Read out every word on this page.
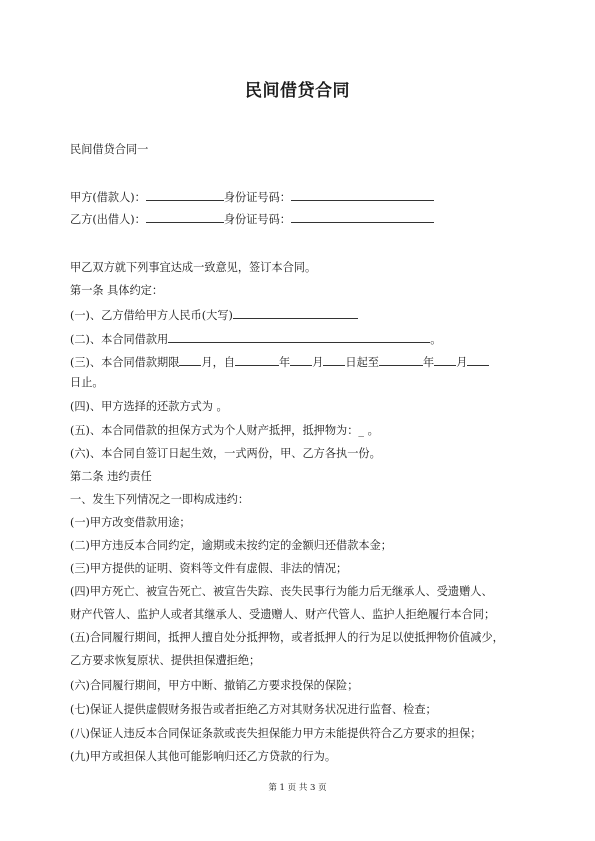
民间借贷合同
民间借贷合同一
甲方(借款人)：	身份证号码：
乙方(出借人)：	身份证号码：
甲乙双方就下列事宜达成一致意见，签订本合同。
第一条 具体约定：
(一)、乙方借给甲方人民币(大写)
(二)、本合同借款用	。
(三)、本合同借款期限 月，自	年 月 日起至	年 月
日止。
(四)、甲方选择的还款方式为 。
(五)、本合同借款的担保方式为个人财产抵押，抵押物为：_ 。
(六)、本合同自签订日起生效，一式两份，甲、乙方各执一份。
第二条 违约责任
一、发生下列情况之一即构成违约：
(一)甲方改变借款用途；
(二)甲方违反本合同约定，逾期或未按约定的金额归还借款本金；
(三)甲方提供的证明、资料等文件有虚假、非法的情况；
(四)甲方死亡、被宣告死亡、被宣告失踪、丧失民事行为能力后无继承人、受遗赠人、
财产代管人、监护人或者其继承人、受遗赠人、财产代管人、监护人拒绝履行本合同；
(五)合同履行期间，抵押人擅自处分抵押物，或者抵押人的行为足以使抵押物价值减少，
乙方要求恢复原状、提供担保遭拒绝；
(六)合同履行期间，甲方中断、撤销乙方要求投保的保险；
(七)保证人提供虚假财务报告或者拒绝乙方对其财务状况进行监督、检查；
(八)保证人违反本合同保证条款或丧失担保能力甲方未能提供符合乙方要求的担保；
(九)甲方或担保人其他可能影响归还乙方贷款的行为。
第 1 页 共 3 页
